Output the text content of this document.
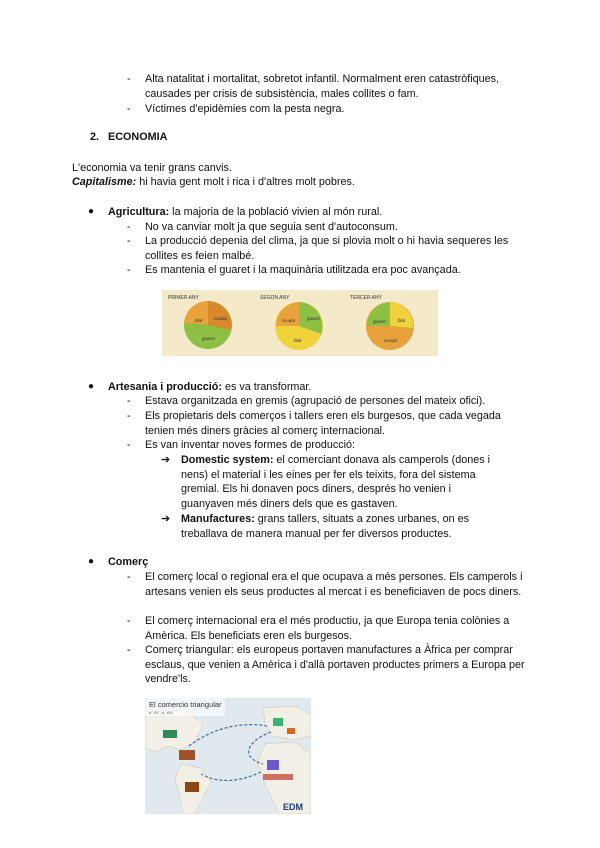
- Alta natalitat i mortalitat, sobretot infantil. Normalment eren catastròfiques, causades per crisis de subsistència, males collites o fam.
- Víctimes d'epidèmies com la pesta negra.
2. ECONOMIA
L'economia va tenir grans canvis.
Capitalisme: hi havia gent molt i rica i d'altres molt pobres.
● Agricultura: la majoria de la població vivien al món rural.
- No va canviar molt ja que seguia sent d'autoconsum.
- La producció depenia del clima, ja que si plovia molt o hi havia sequeres les collites es feien malbé.
- Es mantenia el guaret i la maquinària utilitzada era poc avançada.
PRIMER ANY
blat	civada
guaret
SEGON ANY
civada	guaret
blat
TERCER ANY
guaret	blat
civada
● Artesania i producció: es va transformar.
- Estava organitzada en gremis (agrupació de persones del mateix ofici).
- Els propietaris dels comerços i tallers eren els burgesos, que cada vegada tenien més diners gràcies al comerç internacional.
- Es van inventar noves formes de producció:
➔ Domestic system: el comerciant donava als camperols (dones i nens) el material i les eines per fer els teixits, fora del sistema gremial. Els hi donaven pocs diners, després ho venien i guanyaven més diners dels que es gastaven.
➔ Manufactures: grans tallers, situats a zones urbanes, on es treballava de manera manual per fer diversos productes.
● Comerç
- El comerç local o regional era el que ocupava a més persones. Els camperols i artesans venien els seus productes al mercat i es beneficiaven de pocs diners.
- El comerç internacional era el més productiu, ja que Europa tenia colònies a Amèrica. Els beneficiats eren els burgesos.
- Comerç triangular: els europeus portaven manufactures a Àfrica per comprar esclaus, que venien a Amèrica i d'allà portaven productes primers a Europa per vendre'ls.
El comercio triangular
s. XV - s. XIX
EDM
